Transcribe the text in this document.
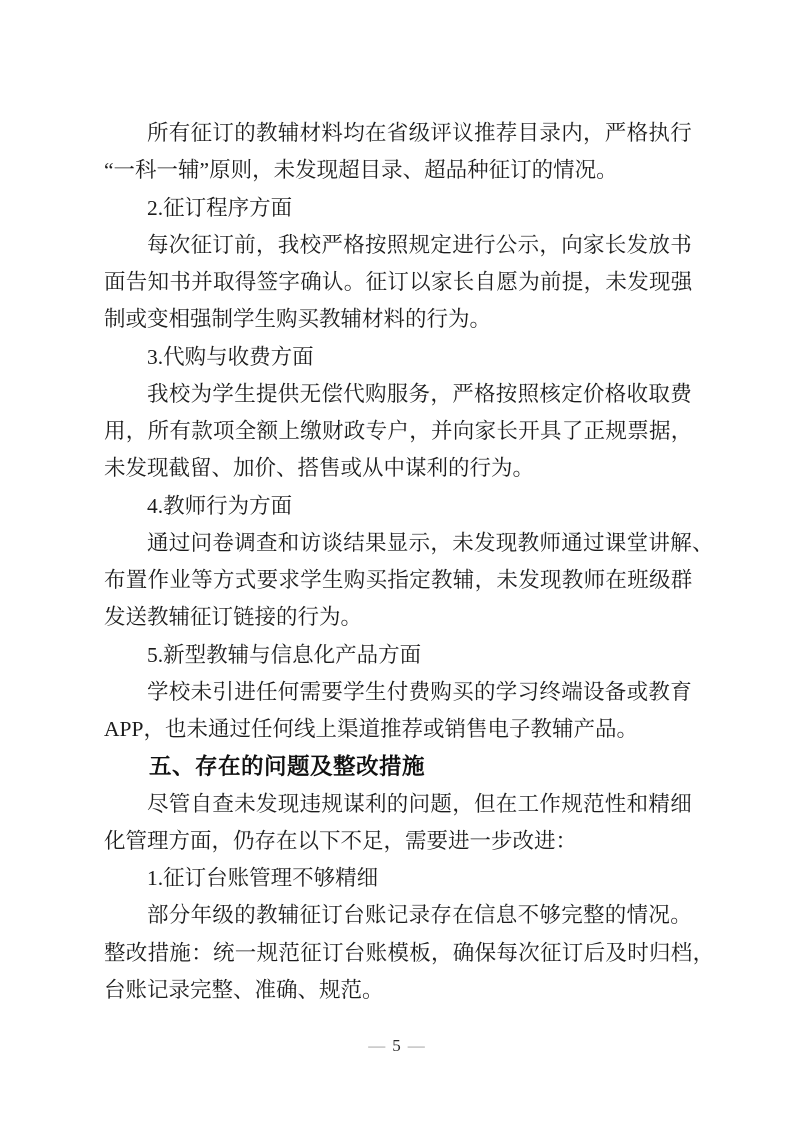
所有征订的教辅材料均在省级评议推荐目录内，严格执行
“一科一辅”原则，未发现超目录、超品种征订的情况。
2.征订程序方面
每次征订前，我校严格按照规定进行公示，向家长发放书
面告知书并取得签字确认。征订以家长自愿为前提，未发现强
制或变相强制学生购买教辅材料的行为。
3.代购与收费方面
我校为学生提供无偿代购服务，严格按照核定价格收取费
用，所有款项全额上缴财政专户，并向家长开具了正规票据，
未发现截留、加价、搭售或从中谋利的行为。
4.教师行为方面
通过问卷调查和访谈结果显示，未发现教师通过课堂讲解、
布置作业等方式要求学生购买指定教辅，未发现教师在班级群
发送教辅征订链接的行为。
5.新型教辅与信息化产品方面
学校未引进任何需要学生付费购买的学习终端设备或教育
APP，也未通过任何线上渠道推荐或销售电子教辅产品。
五、存在的问题及整改措施
尽管自查未发现违规谋利的问题，但在工作规范性和精细
化管理方面，仍存在以下不足，需要进一步改进：
1.征订台账管理不够精细
部分年级的教辅征订台账记录存在信息不够完整的情况。
整改措施：统一规范征订台账模板，确保每次征订后及时归档，
台账记录完整、准确、规范。
— 5 —
